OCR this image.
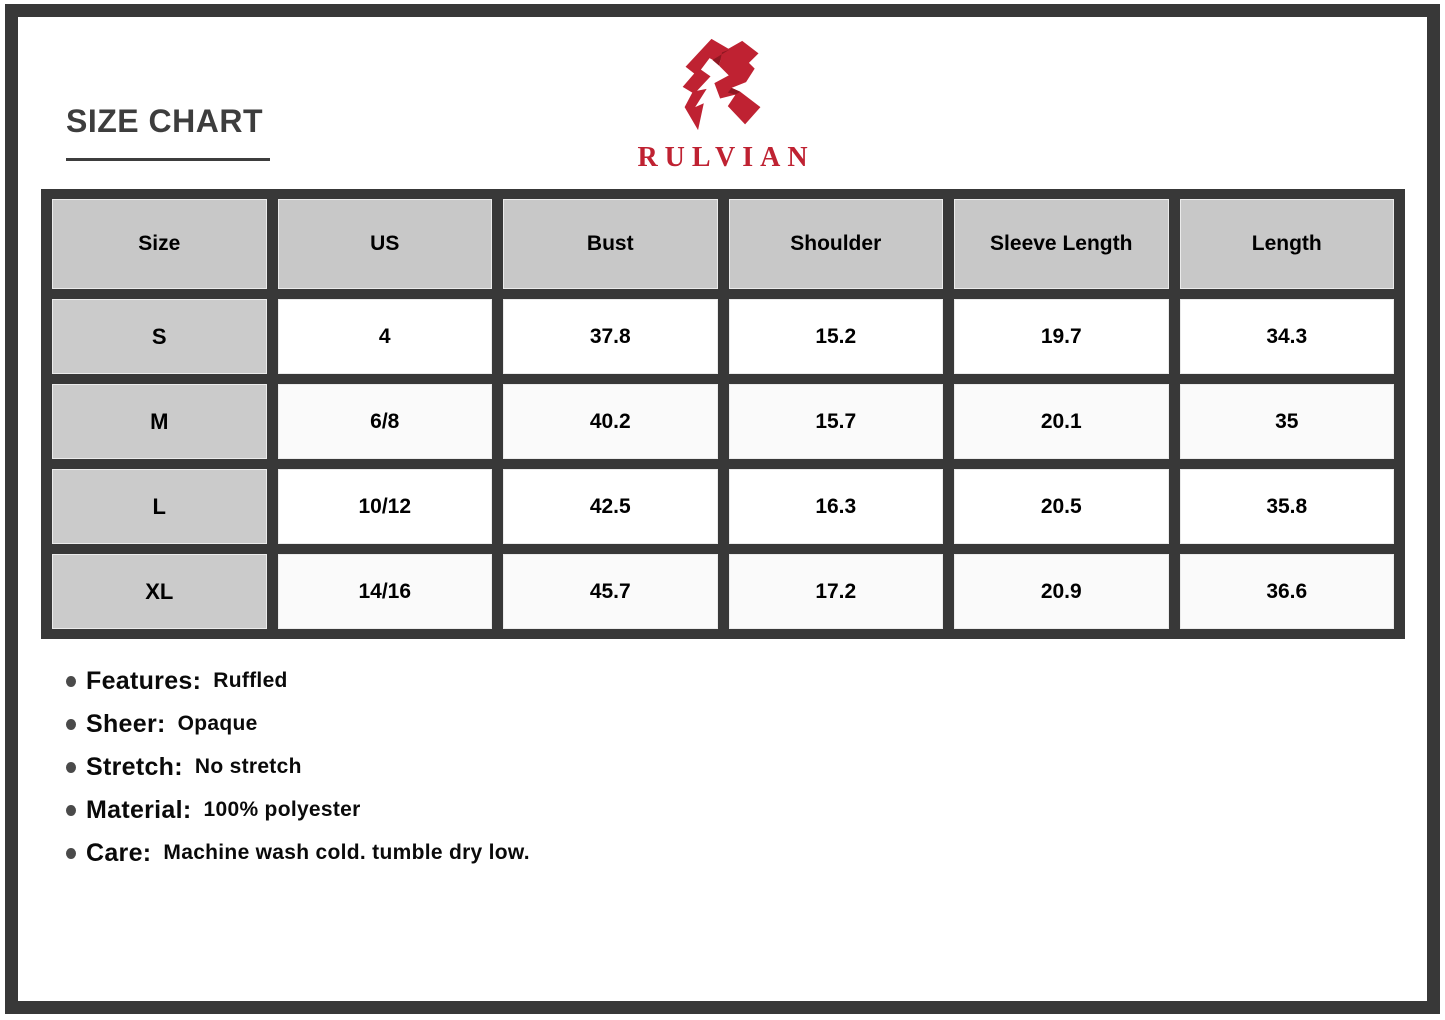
SIZE CHART
RULVIAN
Size	US	Bust	Shoulder	Sleeve Length	Length
S	4	37.8	15.2	19.7	34.3
M	6/8	40.2	15.7	20.1	35
L	10/12	42.5	16.3	20.5	35.8
XL	14/16	45.7	17.2	20.9	36.6
Features: Ruffled
Sheer: Opaque
Stretch: No stretch
Material: 100% polyester
Care: Machine wash cold. tumble dry low.
